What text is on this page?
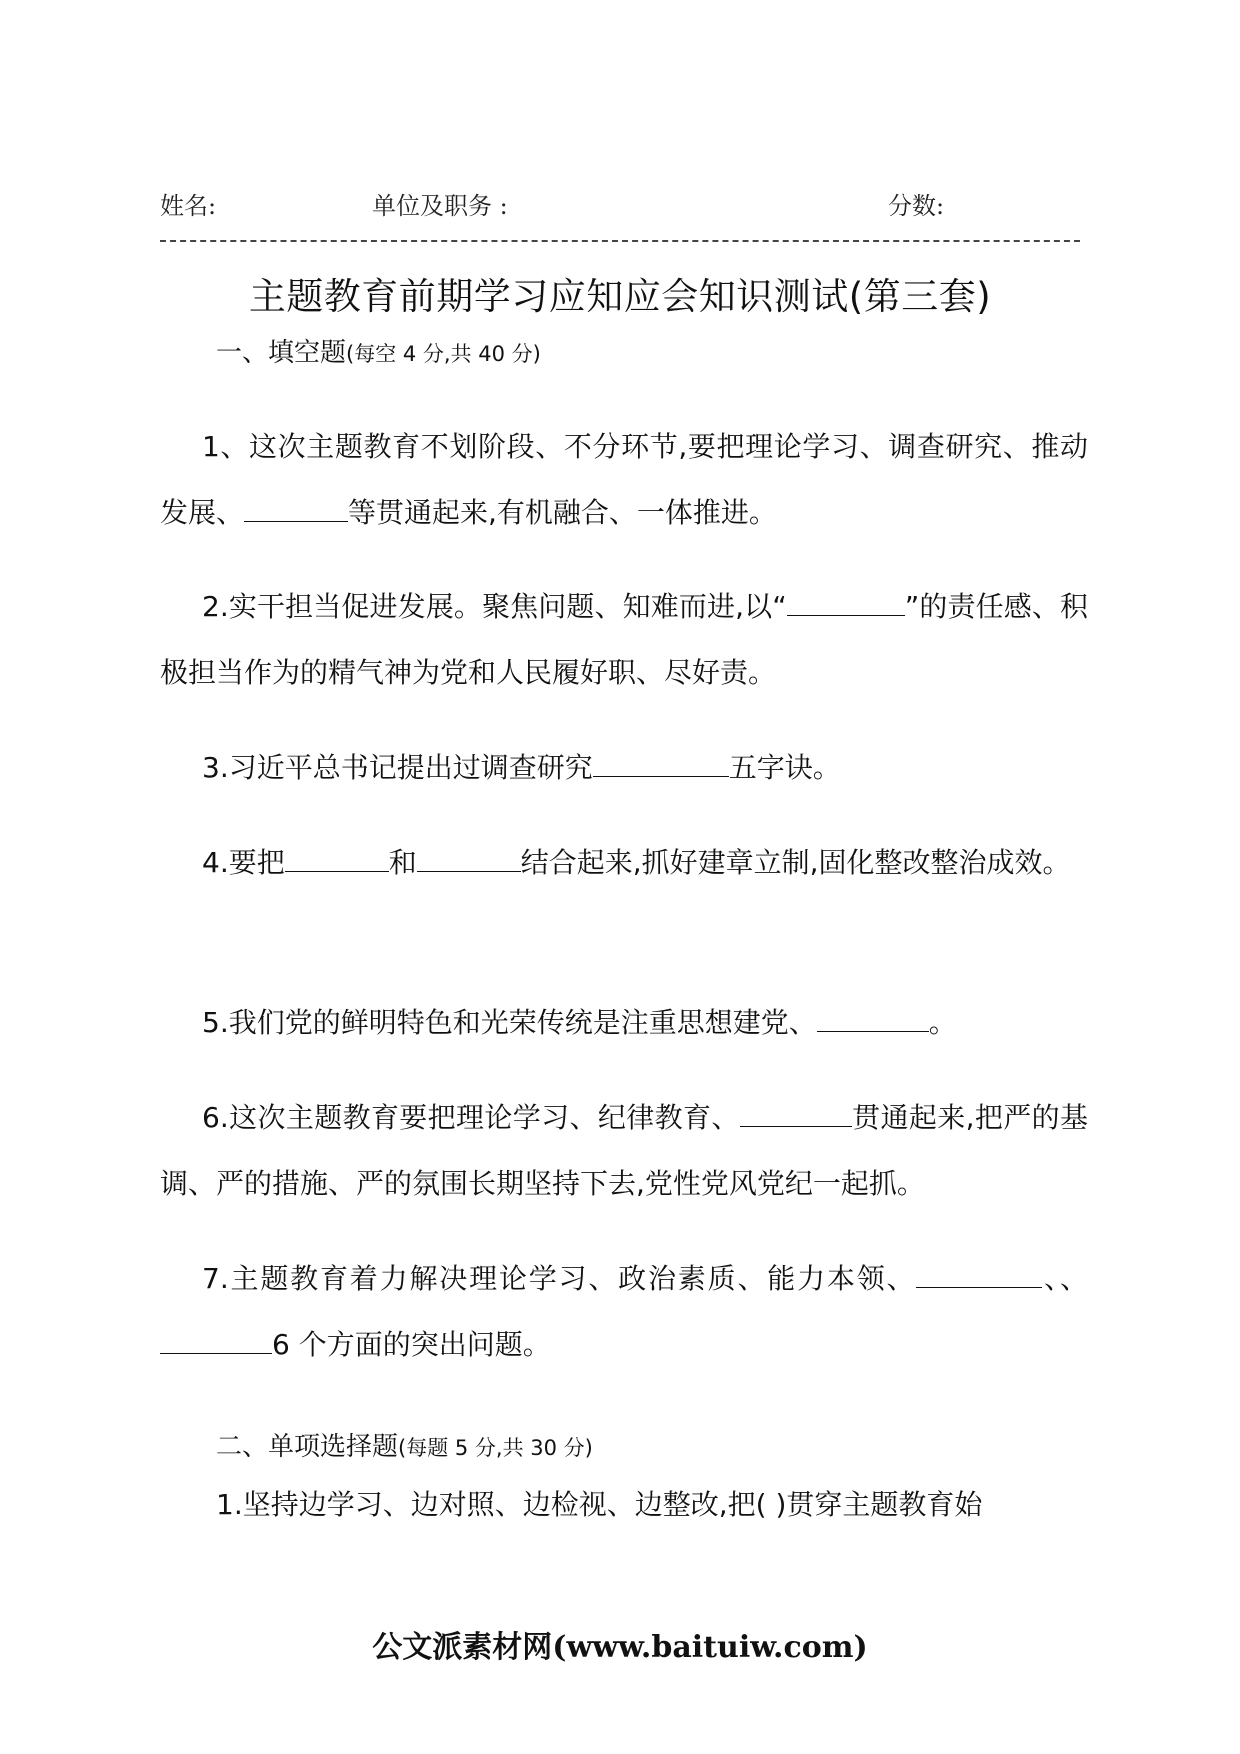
姓名:	单位及职务 :	分数:
主题教育前期学习应知应会知识测试(第三套)
一、填空题(每空 4 分,共 40 分)

1、这次主题教育不划阶段、不分环节,要把理论学习、调查研究、推动发展、	等贯通起来,有机融合、一体推进。

2.实干担当促进发展。聚焦问题、知难而进,以“	”的责任感、积极担当作为的精气神为党和人民履好职、尽好责。

3.习近平总书记提出过调查研究	五字诀。

4.要把	和	结合起来,抓好建章立制,固化整改整治成效。

5.我们党的鲜明特色和光荣传统是注重思想建党、	。

6.这次主题教育要把理论学习、纪律教育、	贯通起来,把严的基调、严的措施、严的氛围长期坚持下去,党性党风党纪一起抓。

7.主题教育着力解决理论学习、政治素质、能力本领、	、、6 个方面的突出问题。

二、单项选择题(每题 5 分,共 30 分)

1.坚持边学习、边对照、边检视、边整改,把( )贯穿主题教育始

公文派素材网(www.baituiw.com)
